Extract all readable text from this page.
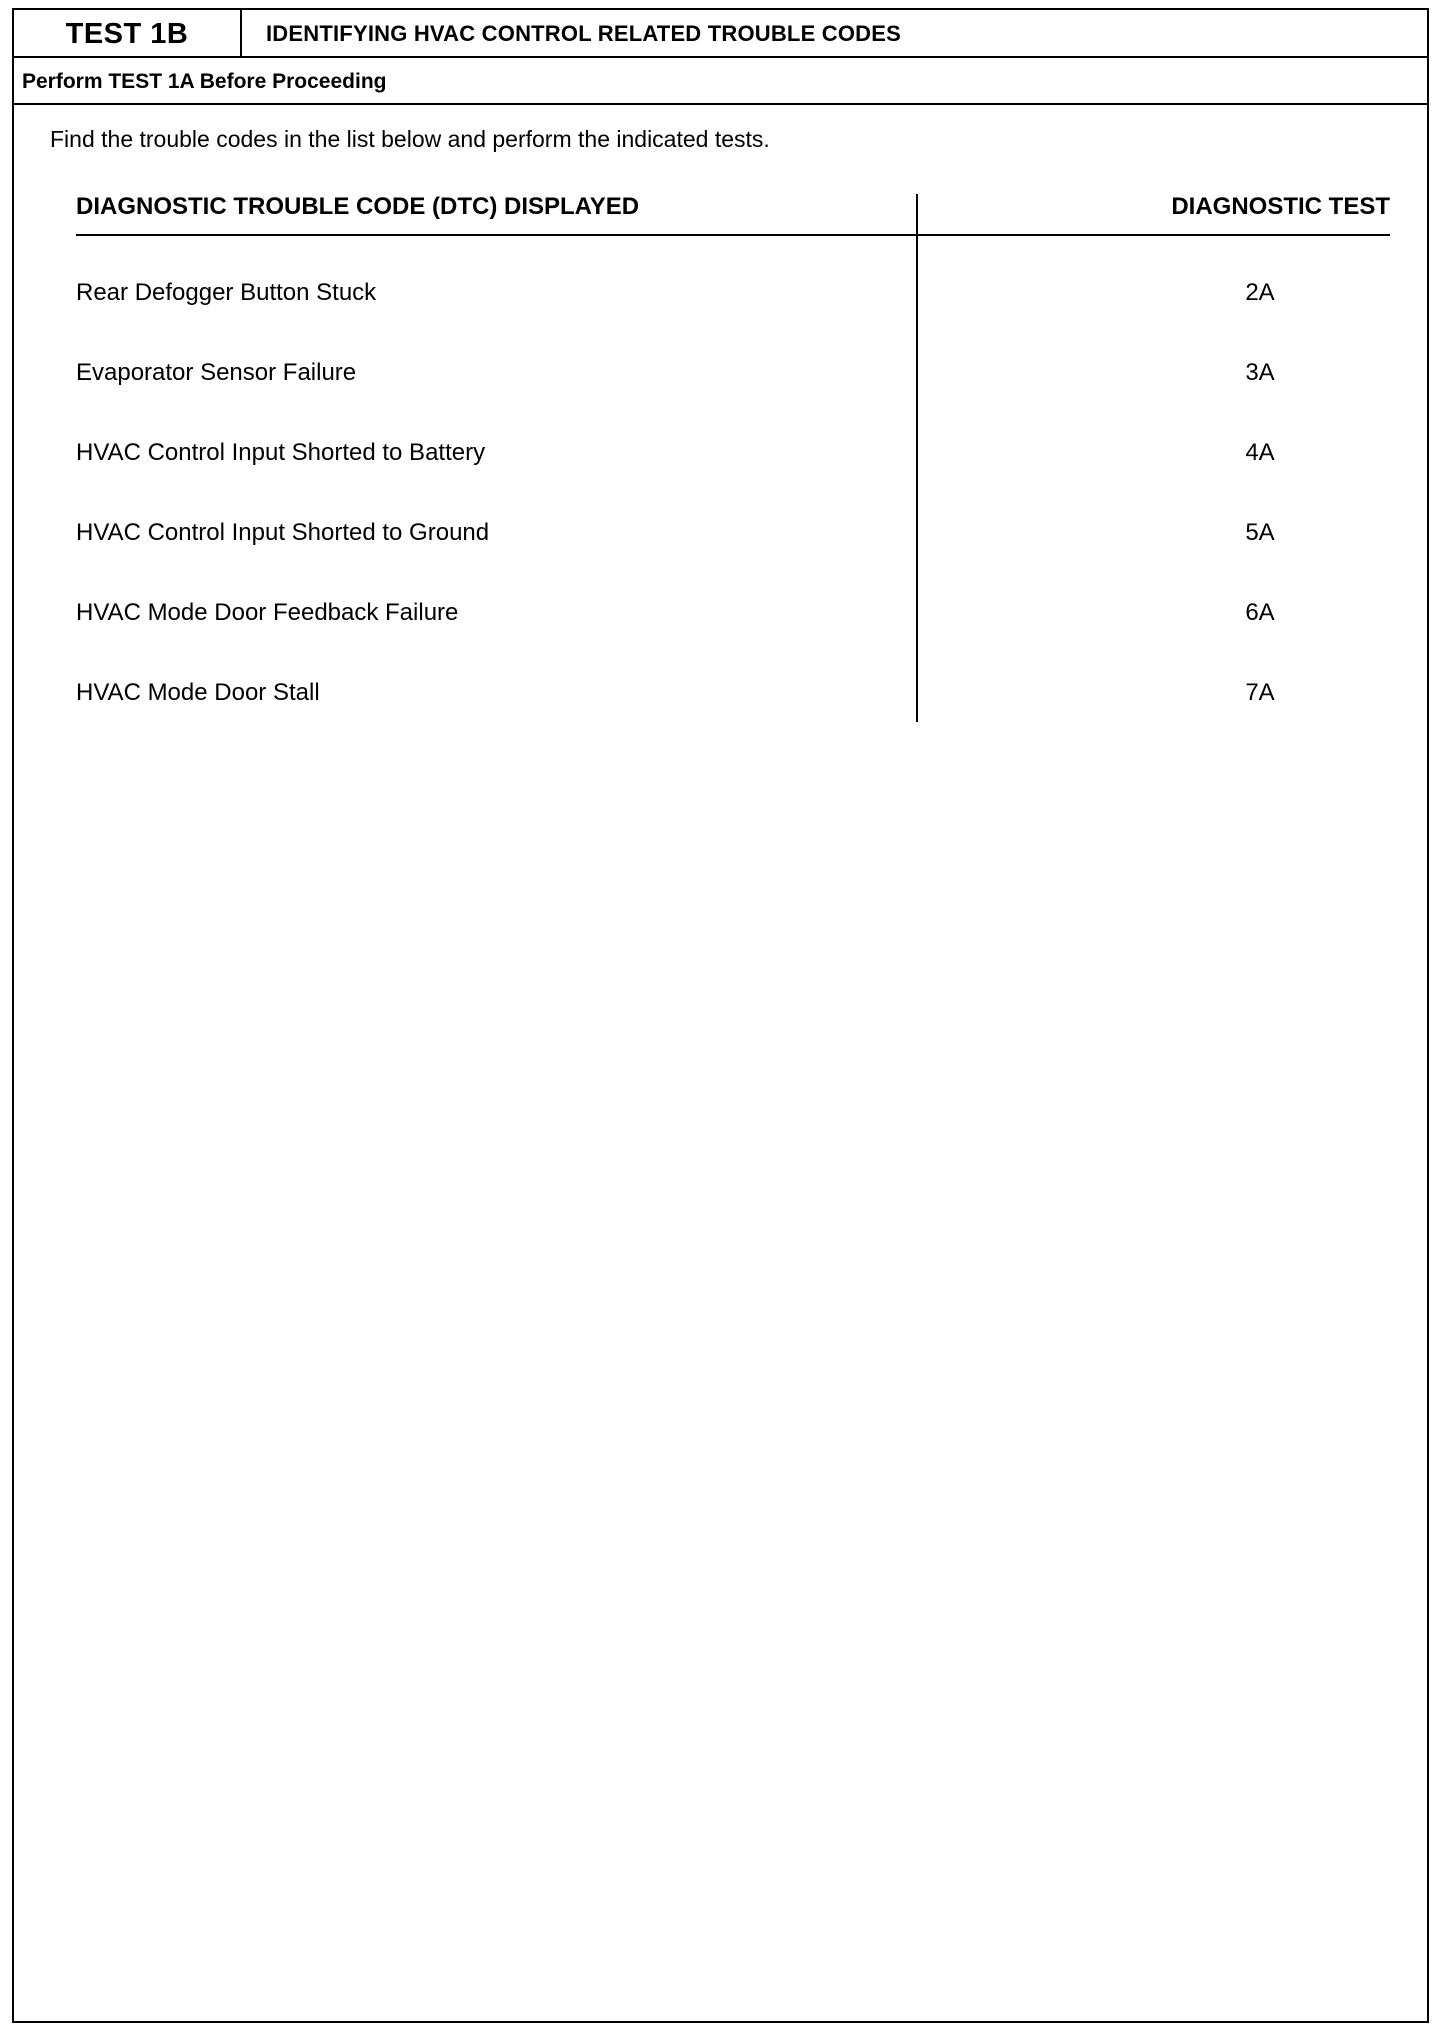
TEST 1B	IDENTIFYING HVAC CONTROL RELATED TROUBLE CODES
Perform TEST 1A Before Proceeding
Find the trouble codes in the list below and perform the indicated tests.
DIAGNOSTIC TROUBLE CODE (DTC) DISPLAYED	DIAGNOSTIC TEST
Rear Defogger Button Stuck	2A
Evaporator Sensor Failure	3A
HVAC Control Input Shorted to Battery	4A
HVAC Control Input Shorted to Ground	5A
HVAC Mode Door Feedback Failure	6A
HVAC Mode Door Stall	7A
